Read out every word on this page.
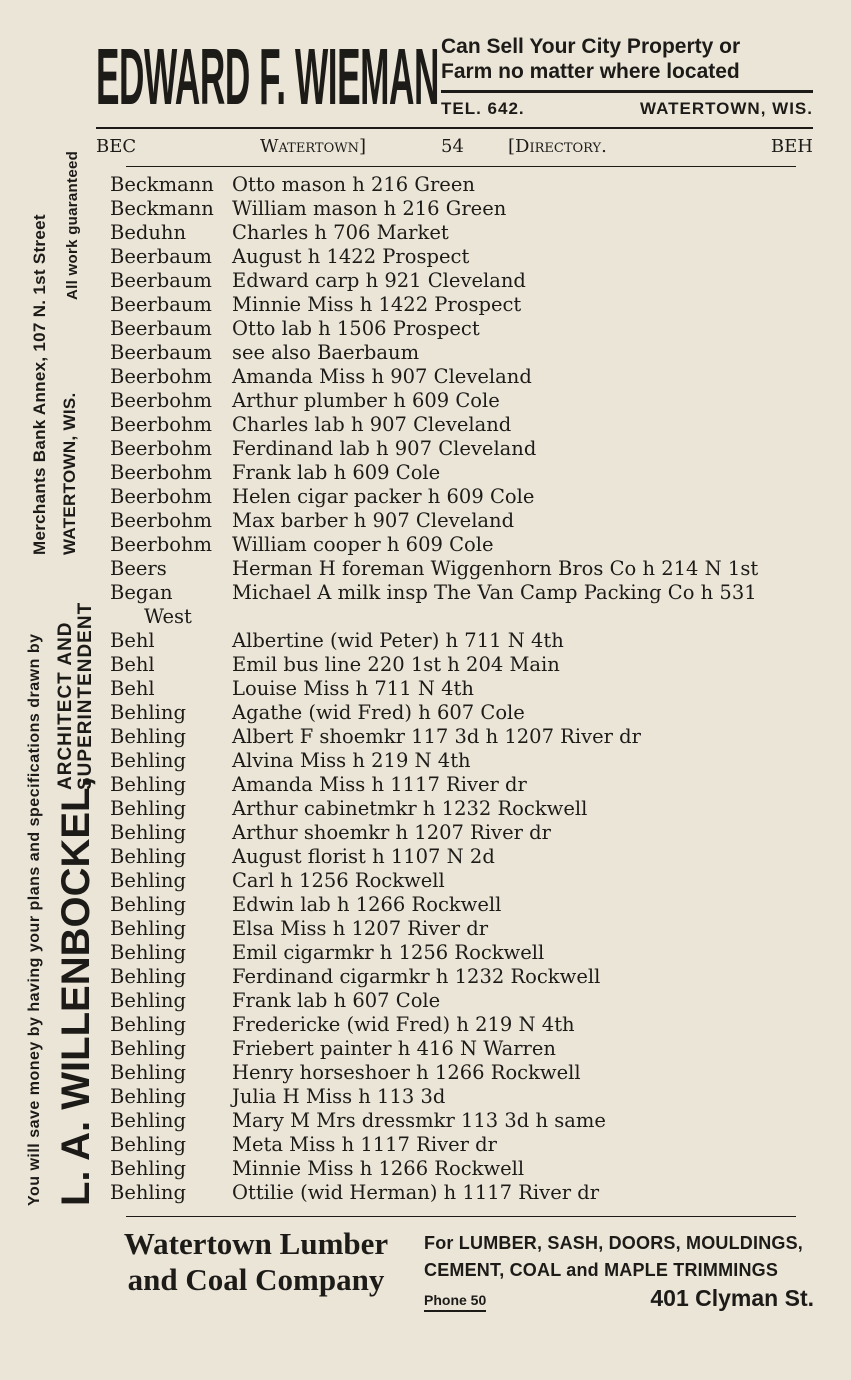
EDWARD F. WIEMAN Can Sell Your City Property or
Farm no matter where located
TEL. 642.	WATERTOWN, WIS.
BEC	Watertown]	54 [Directory.	BEH
Beckmann Otto mason h 216 Green
Beckmann William mason h 216 Green
Beduhn Charles h 706 Market
Beerbaum August h 1422 Prospect
Beerbaum Edward carp h 921 Cleveland
Beerbaum Minnie Miss h 1422 Prospect
Beerbaum Otto lab h 1506 Prospect
Beerbaum see also Baerbaum
Beerbohm Amanda Miss h 907 Cleveland
Beerbohm Arthur plumber h 609 Cole
Beerbohm Charles lab h 907 Cleveland
Beerbohm Ferdinand lab h 907 Cleveland
Beerbohm Frank lab h 609 Cole
Beerbohm Helen cigar packer h 609 Cole
Beerbohm Max barber h 907 Cleveland
Beerbohm William cooper h 609 Cole
Beers	Herman H foreman Wiggenhorn Bros Co h 214 N 1st
Began	Michael A milk insp The Van Camp Packing Co h 531
West
Behl	Albertine (wid Peter) h 711 N 4th
Behl	Emil bus line 220 1st h 204 Main
Behl	Louise Miss h 711 N 4th
Behling Agathe (wid Fred) h 607 Cole
Behling Albert F shoemkr 117 3d h 1207 River dr
Behling Alvina Miss h 219 N 4th
Behling Amanda Miss h 1117 River dr
Behling Arthur cabinetmkr h 1232 Rockwell
Behling Arthur shoemkr h 1207 River dr
Behling August florist h 1107 N 2d
Behling Carl h 1256 Rockwell
Behling Edwin lab h 1266 Rockwell
Behling Elsa Miss h 1207 River dr
Behling Emil cigarmkr h 1256 Rockwell
Behling Ferdinand cigarmkr h 1232 Rockwell
Behling Frank lab h 607 Cole
Behling Fredericke (wid Fred) h 219 N 4th
Behling Friebert painter h 416 N Warren
Behling Henry horseshoer h 1266 Rockwell
Behling Julia H Miss h 113 3d
Behling Mary M Mrs dressmkr 113 3d h same
Behling Meta Miss h 1117 River dr
Behling Minnie Miss h 1266 Rockwell
Behling Ottilie (wid Herman) h 1117 River dr
You will save money by having your plans and specifications drawn by L. A. WILLENBOCKEL,
ARCHITECT AND SUPERINTENDENT
Merchants Bank Annex, 107 N. 1st Street WATERTOWN, WIS.
All work guaranteed
Watertown Lumber
and Coal Company
For LUMBER, SASH, DOORS, MOULDINGS,
CEMENT, COAL and MAPLE TRIMMINGS
Phone 50	401 Clyman St.
